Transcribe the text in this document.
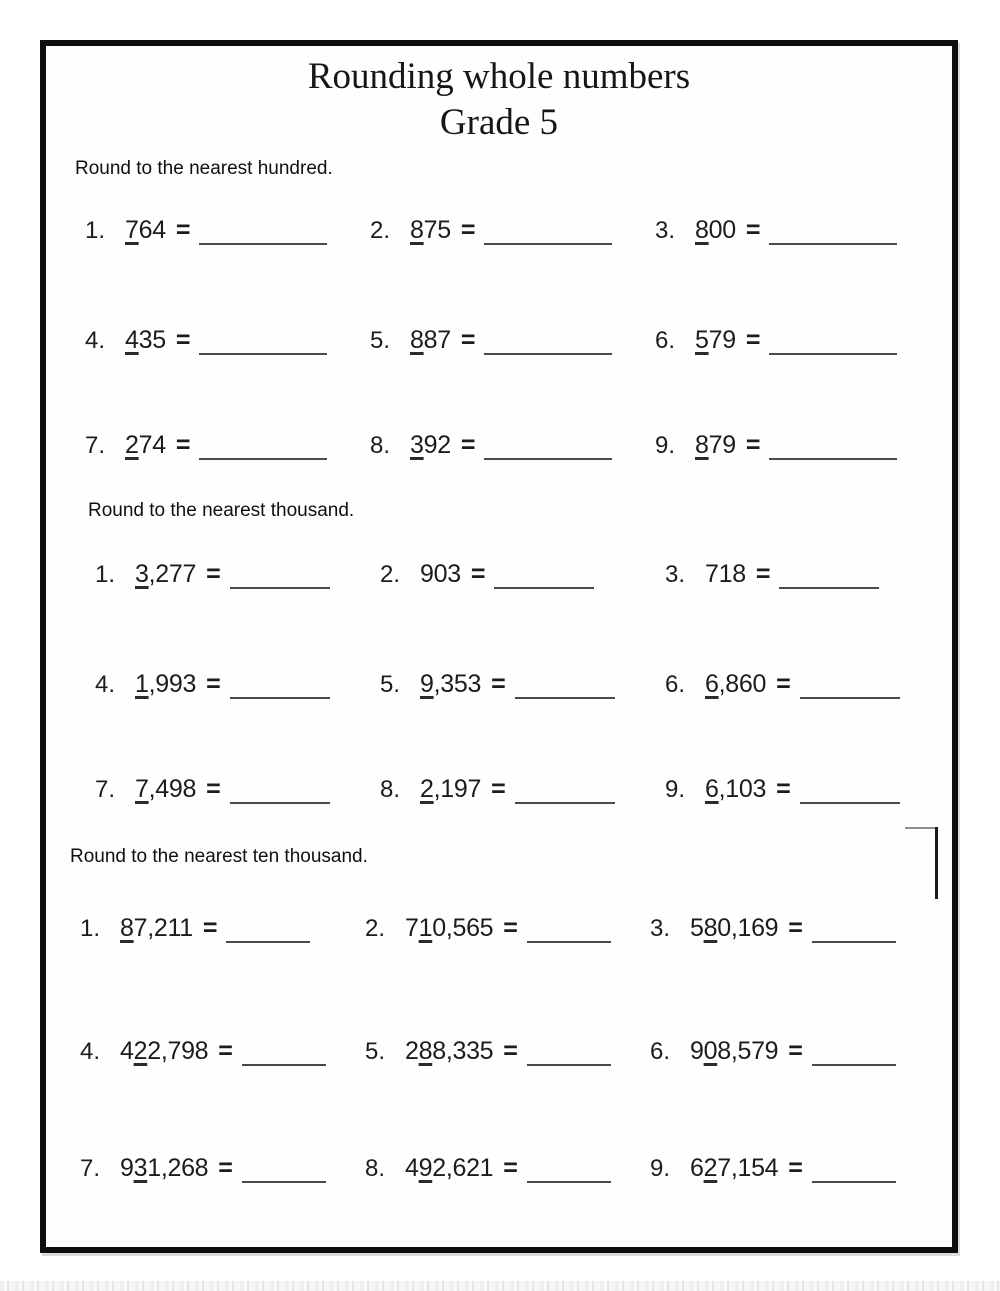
Rounding whole numbers
Grade 5
Round to the nearest hundred.
1. 764 =	2. 875 =	3. 800 =
4. 435 =	5. 887 =	6. 579 =
7. 274 =	8. 392 =	9. 879 =
Round to the nearest thousand.
1. 3,277 =	2. 903 =	3. 718 =
4. 1,993 =	5. 9,353 =	6. 6,860 =
7. 7,498 =	8. 2,197 =	9. 6,103 =
Round to the nearest ten thousand.
1. 87,211 =	2. 710,565 =	3. 580,169 =
4. 422,798 =	5. 288,335 =	6. 908,579 =
7. 931,268 =	8. 492,621 =	9. 627,154 =
